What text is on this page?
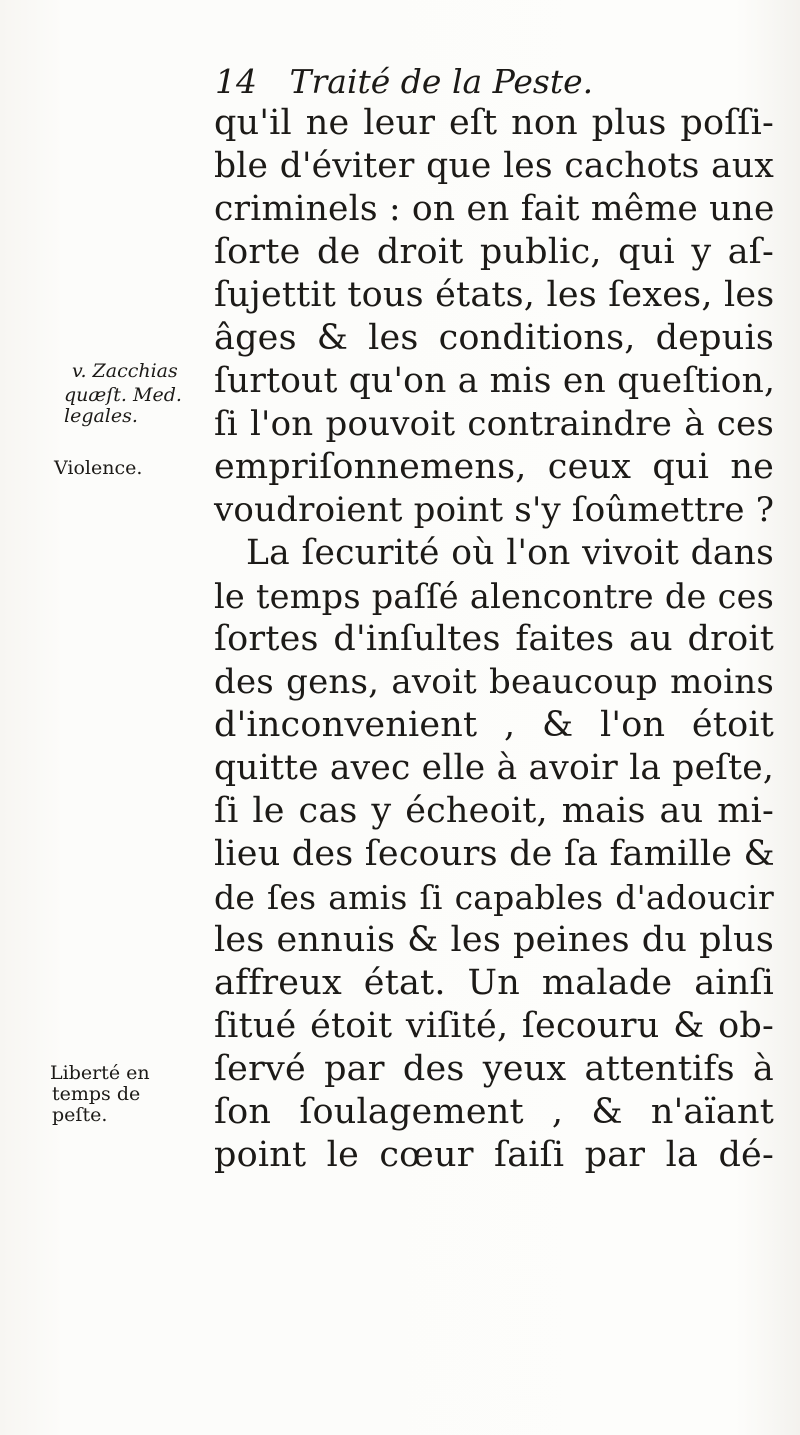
14 Traité de la Peste.
qu'il ne leur eſt non plus poſſi-
ble d'éviter que les cachots aux
criminels : on en fait même une
ſorte de droit public, qui y aſ-
ſujettit tous états, les ſexes, les
âges & les conditions, depuis
ſurtout qu'on a mis en queſtion,
ſi l'on pouvoit contraindre à ces
empriſonnemens, ceux qui ne
voudroient point s'y ſoûmettre ?
La ſecurité où l'on vivoit dans
le temps paſſé alencontre de ces
ſortes d'inſultes faites au droit
des gens, avoit beaucoup moins
d'inconvenient , & l'on étoit
quitte avec elle à avoir la peſte,
ſi le cas y écheoit, mais au mi-
lieu des ſecours de ſa famille &
de ſes amis ſi capables d'adoucir
les ennuis & les peines du plus
affreux état. Un malade ainſi
ſitué étoit viſité, ſecouru & ob-
ſervé par des yeux attentifs à
ſon ſoulagement , & n'aïant
point le cœur ſaiſi par la dé-
v. Zacchias
quæſt. Med.
legales.
Violence.
Liberté en
temps de
peſte.
